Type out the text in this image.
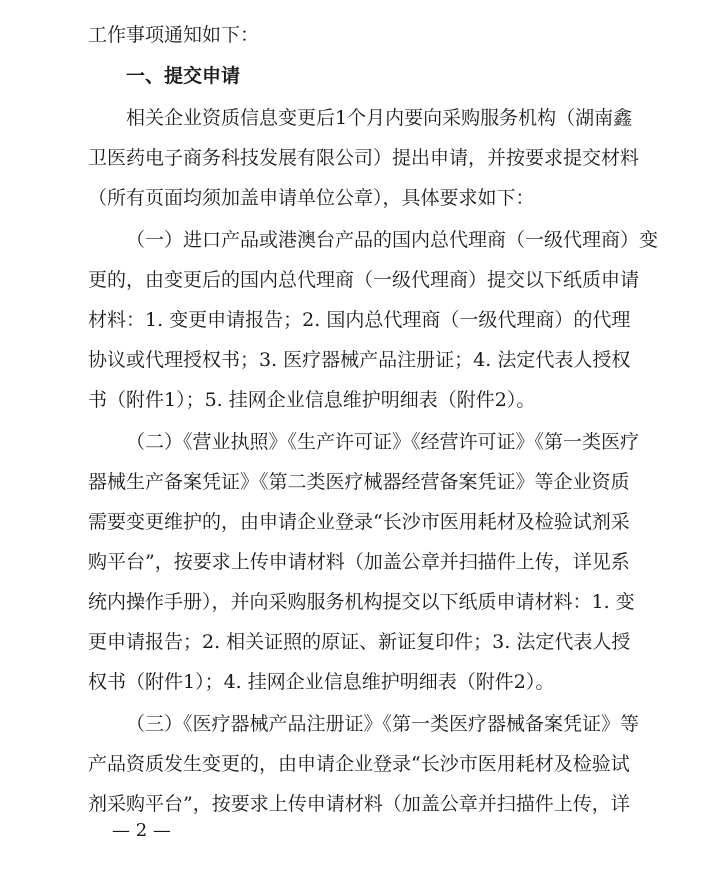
工作事项通知如下：
一、提交申请
相关企业资质信息变更后1个月内要向采购服务机构（湖南鑫
卫医药电子商务科技发展有限公司）提出申请，并按要求提交材料
（所有页面均须加盖申请单位公章），具体要求如下：
（一）进口产品或港澳台产品的国内总代理商（一级代理商）变
更的，由变更后的国内总代理商（一级代理商）提交以下纸质申请
材料：1. 变更申请报告；2. 国内总代理商（一级代理商）的代理
协议或代理授权书；3. 医疗器械产品注册证；4. 法定代表人授权
书（附件1）；5. 挂网企业信息维护明细表（附件2）。
（二）《营业执照》《生产许可证》《经营许可证》《第一类医疗
器械生产备案凭证》《第二类医疗械器经营备案凭证》等企业资质
需要变更维护的，由申请企业登录“长沙市医用耗材及检验试剂采
购平台”，按要求上传申请材料（加盖公章并扫描件上传，详见系
统内操作手册），并向采购服务机构提交以下纸质申请材料：1. 变
更申请报告；2. 相关证照的原证、新证复印件；3. 法定代表人授
权书（附件1）；4. 挂网企业信息维护明细表（附件2）。
（三）《医疗器械产品注册证》《第一类医疗器械备案凭证》等
产品资质发生变更的，由申请企业登录“长沙市医用耗材及检验试
剂采购平台”，按要求上传申请材料（加盖公章并扫描件上传，详
— 2 —
